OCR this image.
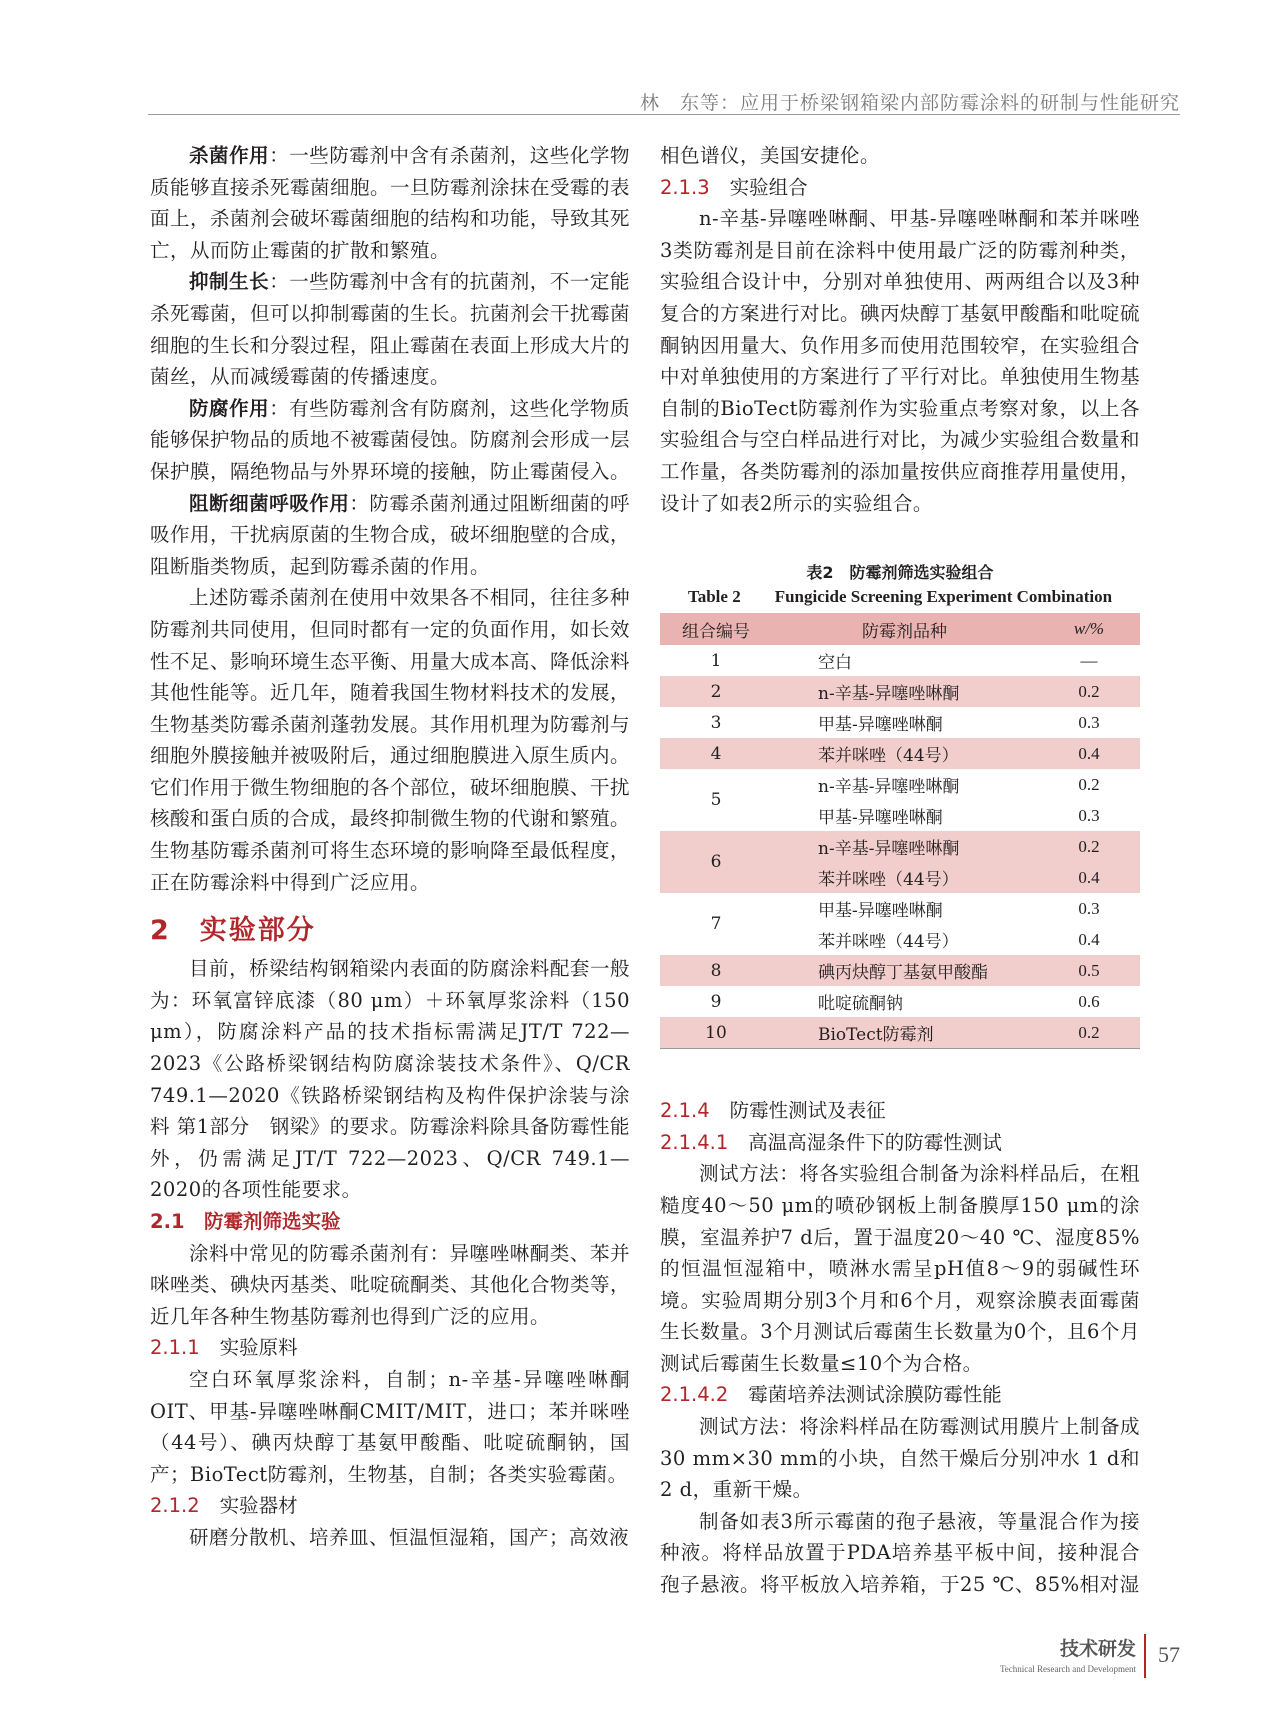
林　东等：应用于桥梁钢箱梁内部防霉涂料的研制与性能研究

杀菌作用：一些防霉剂中含有杀菌剂，这些化学物质能够直接杀死霉菌细胞。一旦防霉剂涂抹在受霉的表面上，杀菌剂会破坏霉菌细胞的结构和功能，导致其死亡，从而防止霉菌的扩散和繁殖。

抑制生长：一些防霉剂中含有的抗菌剂，不一定能杀死霉菌，但可以抑制霉菌的生长。抗菌剂会干扰霉菌细胞的生长和分裂过程，阻止霉菌在表面上形成大片的菌丝，从而减缓霉菌的传播速度。

防腐作用：有些防霉剂含有防腐剂，这些化学物质能够保护物品的质地不被霉菌侵蚀。防腐剂会形成一层保护膜，隔绝物品与外界环境的接触，防止霉菌侵入。

阻断细菌呼吸作用：防霉杀菌剂通过阻断细菌的呼吸作用，干扰病原菌的生物合成，破坏细胞壁的合成，阻断脂类物质，起到防霉杀菌的作用。

上述防霉杀菌剂在使用中效果各不相同，往往多种防霉剂共同使用，但同时都有一定的负面作用，如长效性不足、影响环境生态平衡、用量大成本高、降低涂料其他性能等。近几年，随着我国生物材料技术的发展，生物基类防霉杀菌剂蓬勃发展。其作用机理为防霉剂与细胞外膜接触并被吸附后，通过细胞膜进入原生质内。它们作用于微生物细胞的各个部位，破坏细胞膜、干扰核酸和蛋白质的合成，最终抑制微生物的代谢和繁殖。生物基防霉杀菌剂可将生态环境的影响降至最低程度，正在防霉涂料中得到广泛应用。

2　实验部分

目前，桥梁结构钢箱梁内表面的防腐涂料配套一般为：环氧富锌底漆（80 μm）＋环氧厚浆涂料（150 μm），防腐涂料产品的技术指标需满足JT/T 722—2023《公路桥梁钢结构防腐涂装技术条件》、Q/CR 749.1—2020《铁路桥梁钢结构及构件保护涂装与涂料 第1部分　钢梁》的要求。防霉涂料除具备防霉性能外，仍需满足JT/T 722—2023、Q/CR 749.1—2020的各项性能要求。

2.1　防霉剂筛选实验

涂料中常见的防霉杀菌剂有：异噻唑啉酮类、苯并咪唑类、碘炔丙基类、吡啶硫酮类、其他化合物类等，近几年各种生物基防霉剂也得到广泛的应用。

2.1.1 实验原料

空白环氧厚浆涂料，自制；n-辛基-异噻唑啉酮OIT、甲基-异噻唑啉酮CMIT/MIT，进口；苯并咪唑（44号）、碘丙炔醇丁基氨甲酸酯、吡啶硫酮钠，国产；BioTect防霉剂，生物基，自制；各类实验霉菌。

2.1.2 实验器材

研磨分散机、培养皿、恒温恒湿箱，国产；高效液

相色谱仪，美国安捷伦。

2.1.3 实验组合

n-辛基-异噻唑啉酮、甲基-异噻唑啉酮和苯并咪唑3类防霉剂是目前在涂料中使用最广泛的防霉剂种类，实验组合设计中，分别对单独使用、两两组合以及3种复合的方案进行对比。碘丙炔醇丁基氨甲酸酯和吡啶硫酮钠因用量大、负作用多而使用范围较窄，在实验组合中对单独使用的方案进行了平行对比。单独使用生物基自制的BioTect防霉剂作为实验重点考察对象，以上各实验组合与空白样品进行对比，为减少实验组合数量和工作量，各类防霉剂的添加量按供应商推荐用量使用，设计了如表2所示的实验组合。

表2　防霉剂筛选实验组合
Table 2　　Fungicide Screening Experiment Combination
组合编号	防霉剂品种	w/%
1	空白	—
2	n-辛基-异噻唑啉酮	0.2
3	甲基-异噻唑啉酮	0.3
4	苯并咪唑（44号）	0.4
5	n-辛基-异噻唑啉酮	0.2
	甲基-异噻唑啉酮	0.3
6	n-辛基-异噻唑啉酮	0.2
	苯并咪唑（44号）	0.4
7	甲基-异噻唑啉酮	0.3
	苯并咪唑（44号）	0.4
8	碘丙炔醇丁基氨甲酸酯	0.5
9	吡啶硫酮钠	0.6
10	BioTect防霉剂	0.2
2.1.4 防霉性测试及表征
2.1.4.1 高温高湿条件下的防霉性测试

测试方法：将各实验组合制备为涂料样品后，在粗糙度40～50 μm的喷砂钢板上制备膜厚150 μm的涂膜，室温养护7 d后，置于温度20～40 ℃、湿度85%的恒温恒湿箱中，喷淋水需呈pH值8～9的弱碱性环境。实验周期分别3个月和6个月，观察涂膜表面霉菌生长数量。3个月测试后霉菌生长数量为0个，且6个月测试后霉菌生长数量≤10个为合格。

2.1.4.2 霉菌培养法测试涂膜防霉性能

测试方法：将涂料样品在防霉测试用膜片上制备成30 mm×30 mm的小块，自然干燥后分别冲水 1 d和2 d，重新干燥。

制备如表3所示霉菌的孢子悬液，等量混合作为接种液。将样品放置于PDA培养基平板中间，接种混合孢子悬液。将平板放入培养箱，于25 ℃、85%相对湿

技术研发
Technical Research and Development
57
